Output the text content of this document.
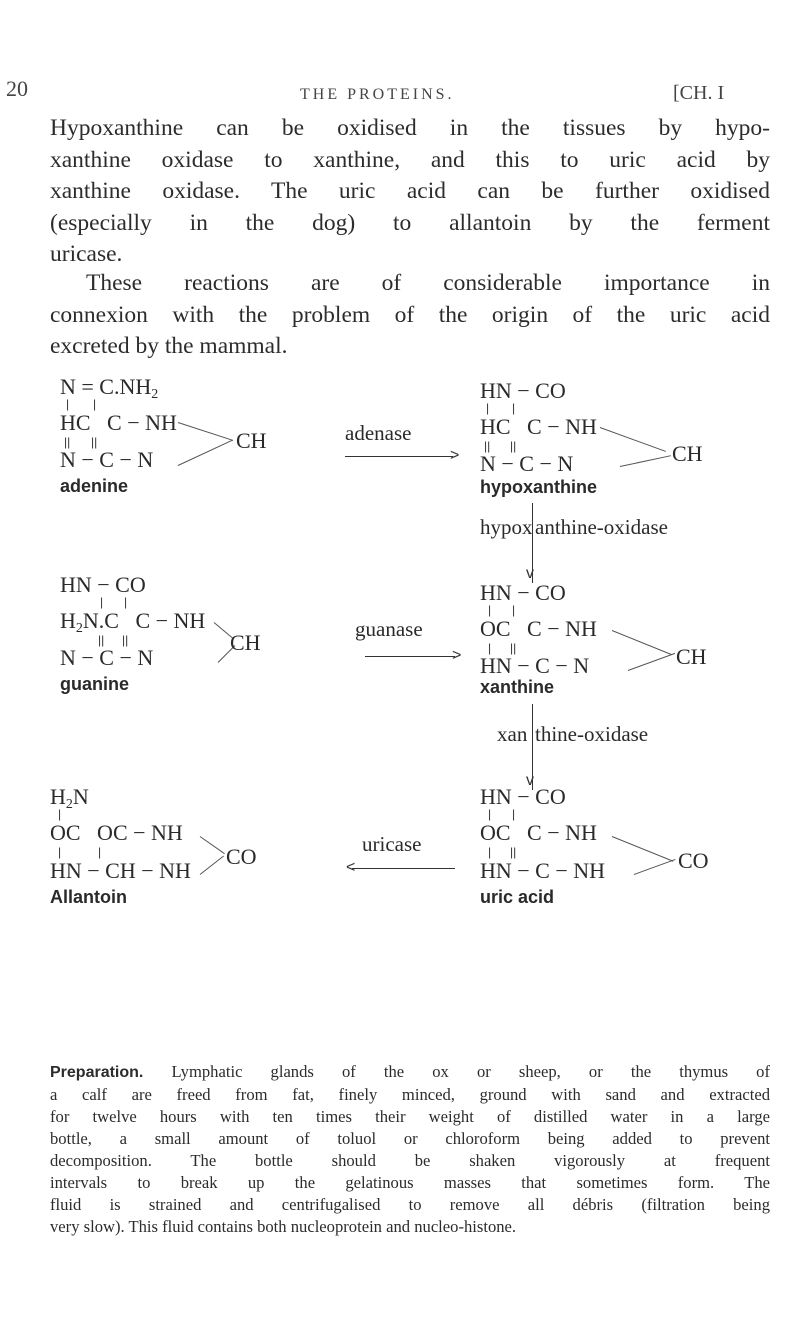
20	THE PROTEINS.	[CH. I

Hypoxanthine can be oxidised in the tissues by hypo-
xanthine oxidase to xanthine, and this to uric acid by
xanthine oxidase. The uric acid can be further oxidised
(especially in the dog) to allantoin by the ferment
uricase.

These reactions are of considerable importance in
connexion with the problem of the origin of the uric acid
excreted by the mammal.

$N = C.NH_2$
| |
HC   C − NH
|| ||
N − C − N
CH
adenine
adenase
>
HN − CO
| |
HC   C − NH
|| ||
N − C − N	CH
hypoxanthine
hypox anthine-oxidase
v
HN − CO
| |
$H_2N.C$   C − NH
|| ||
N − C − N
CH
guanine
guanase
>
HN − CO
| |
OC   C − NH
| ||
HN − C − N	CH
xanthine
xan thine-oxidase
v
$H_2N$
|
OC   OC − NH
|	|
HN − CH − NH
CO
Allantoin
uricase
<
HN − CO
| |
OC   C − NH
| ||
HN − C − NH	CO
uric acid

Preparation. Lymphatic glands of the ox or sheep, or the thymus of
a calf are freed from fat, finely minced, ground with sand and extracted
for twelve hours with ten times their weight of distilled water in a large
bottle, a small amount of toluol or chloroform being added to prevent
decomposition. The bottle should be shaken vigorously at frequent
intervals to break up the gelatinous masses that sometimes form. The
fluid is strained and centrifugalised to remove all débris (filtration being
very slow). This fluid contains both nucleoprotein and nucleo-histone.
